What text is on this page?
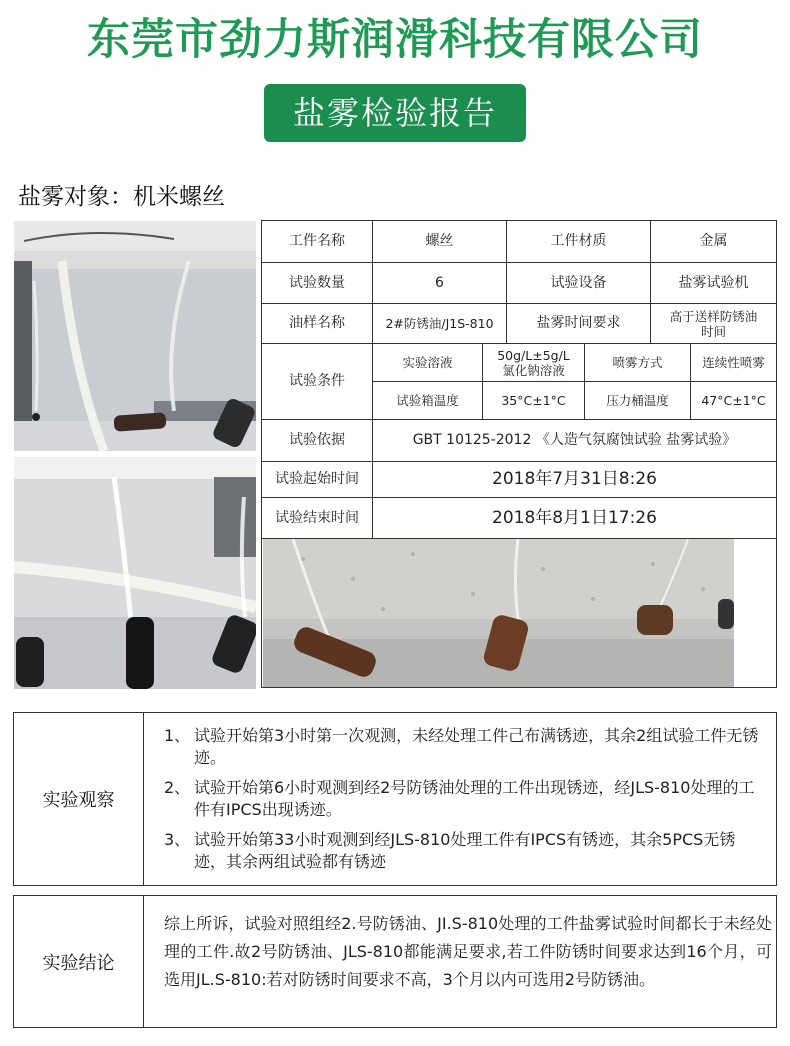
东莞市劲力斯润滑科技有限公司
盐雾检验报告
盐雾对象：机米螺丝
工件名称	螺丝	工件材质	金属
试验数量	6	试验设备	盐雾试验机
油样名称	2#防锈油/J1S-810	盐雾时间要求	高于送样防锈油时间
试验条件
实验溶液	50g/L±5g/L氯化钠溶液	喷雾方式	连续性喷雾
试验箱温度	35°C±1°C	压力桶温度	47°C±1°C
试验依据	GBT 10125-2012 《人造气氛腐蚀试验 盐雾试验》
试验起始时间	2018年7月31日8:26
试验结束时间	2018年8月1日17:26
实验观察
1、 试验开始第3小时第一次观测，未经处理工件己布满锈迹，其余2组试验工件无锈迹。
2、 试验开始第6小时观测到经2号防锈油处理的工件出现锈迹，经JLS-810处理的工件有IPCS出现诱迹。
3、 试验开始第33小时观测到经JLS-810处理工件有IPCS有锈迹，其余5PCS无锈迹，其余两组试验都有锈迹
实验结论
综上所诉，试验对照组经2.号防锈油、JI.S-810处理的工件盐雾试验时间都长于未经处理的工件.故2号防锈油、JLS-810都能满足要求,若工件防锈时间要求达到16个月，可选用JL.S-810:若对防锈时间要求不高，3个月以内可选用2号防锈油。
